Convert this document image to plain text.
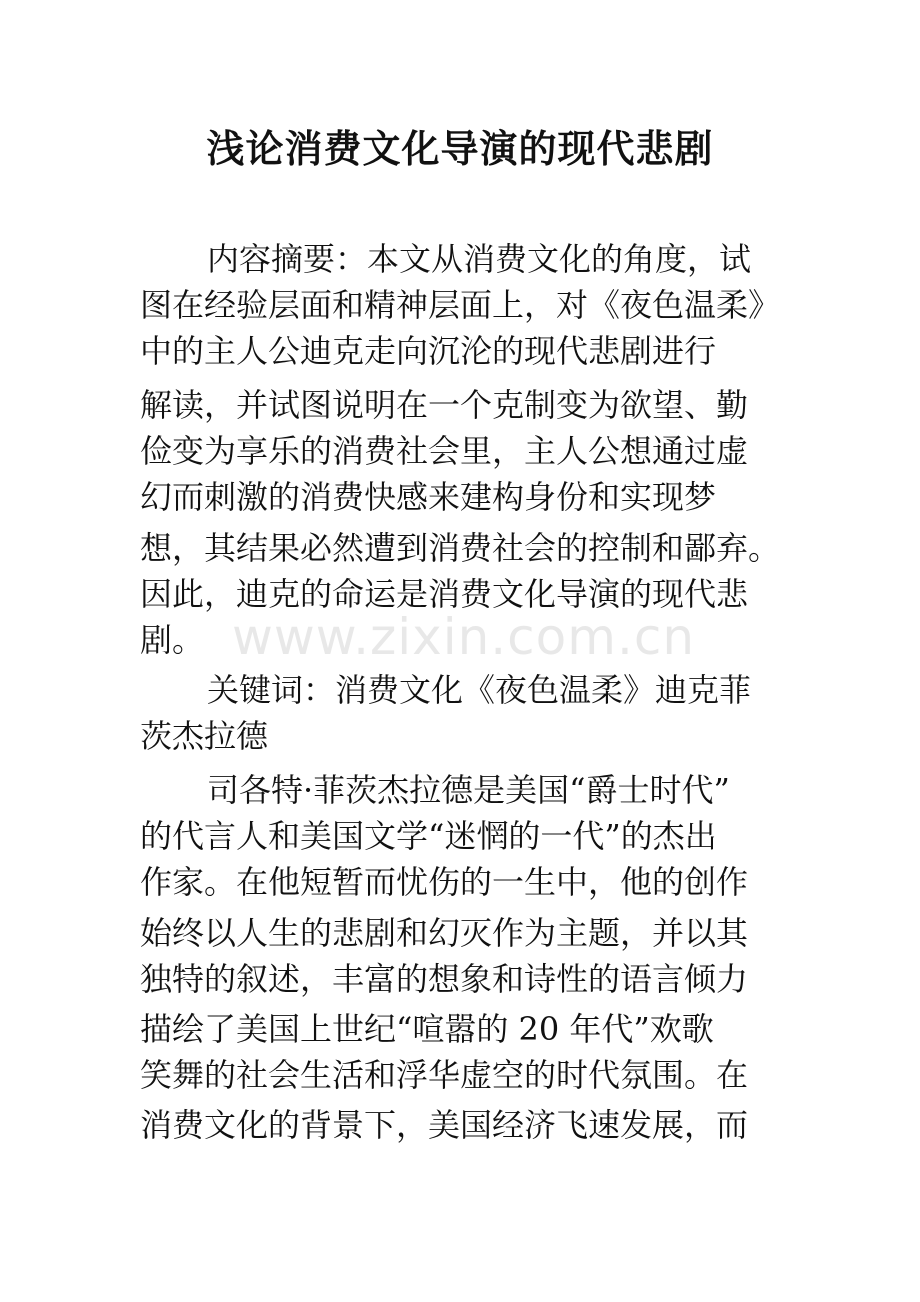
浅论消费文化导演的现代悲剧

内容摘要：本文从消费文化的角度，试

图在经验层面和精神层面上，对《夜色温柔》

中的主人公迪克走向沉沦的现代悲剧进行

解读，并试图说明在一个克制变为欲望、勤

俭变为享乐的消费社会里，主人公想通过虚

幻而刺激的消费快感来建构身份和实现梦

想，其结果必然遭到消费社会的控制和鄙弃。

因此，迪克的命运是消费文化导演的现代悲

剧。

关键词：消费文化《夜色温柔》迪克菲

茨杰拉德

司各特·菲茨杰拉德是美国“爵士时代”

的代言人和美国文学“迷惘的一代”的杰出

作家。在他短暂而忧伤的一生中，他的创作

始终以人生的悲剧和幻灭作为主题，并以其

独特的叙述，丰富的想象和诗性的语言倾力

描绘了美国上世纪“喧嚣的 20 年代”欢歌

笑舞的社会生活和浮华虚空的时代氛围。在

消费文化的背景下，美国经济飞速发展，而

www.zixin.com.cn
